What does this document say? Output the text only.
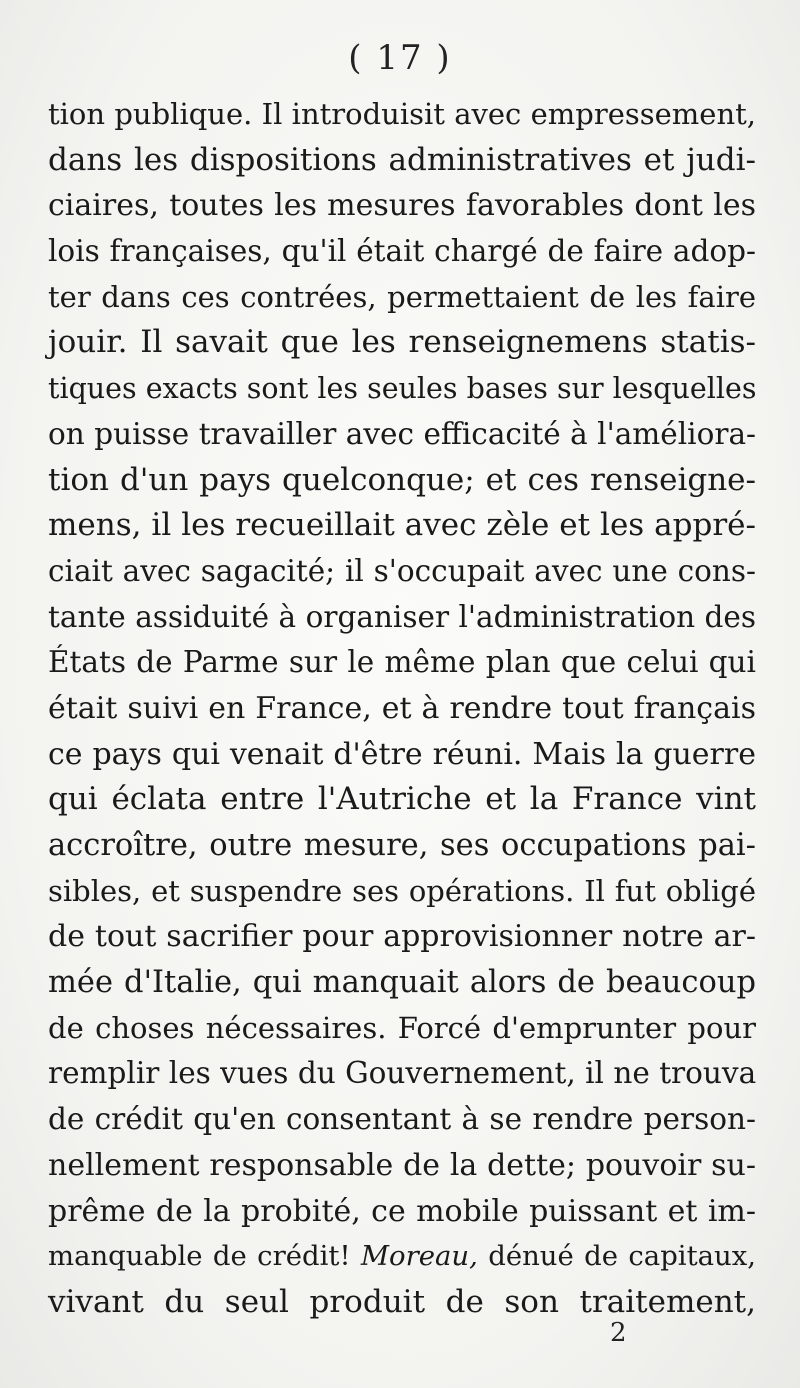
( 17 )
tion publique. Il introduisit avec empressement,
dans les dispositions administratives et judi-
ciaires, toutes les mesures favorables dont les
lois françaises, qu'il était chargé de faire adop-
ter dans ces contrées, permettaient de les faire
jouir. Il savait que les renseignemens statis-
tiques exacts sont les seules bases sur lesquelles
on puisse travailler avec efficacité à l'améliora-
tion d'un pays quelconque; et ces renseigne-
mens, il les recueillait avec zèle et les appré-
ciait avec sagacité; il s'occupait avec une cons-
tante assiduité à organiser l'administration des
États de Parme sur le même plan que celui qui
était suivi en France, et à rendre tout français
ce pays qui venait d'être réuni. Mais la guerre
qui éclata entre l'Autriche et la France vint
accroître, outre mesure, ses occupations pai-
sibles, et suspendre ses opérations. Il fut obligé
de tout sacrifier pour approvisionner notre ar-
mée d'Italie, qui manquait alors de beaucoup
de choses nécessaires. Forcé d'emprunter pour
remplir les vues du Gouvernement, il ne trouva
de crédit qu'en consentant à se rendre person-
nellement responsable de la dette; pouvoir su-
prême de la probité, ce mobile puissant et im-
manquable de crédit! Moreau, dénué de capitaux,
vivant du seul produit de son traitement,
2
